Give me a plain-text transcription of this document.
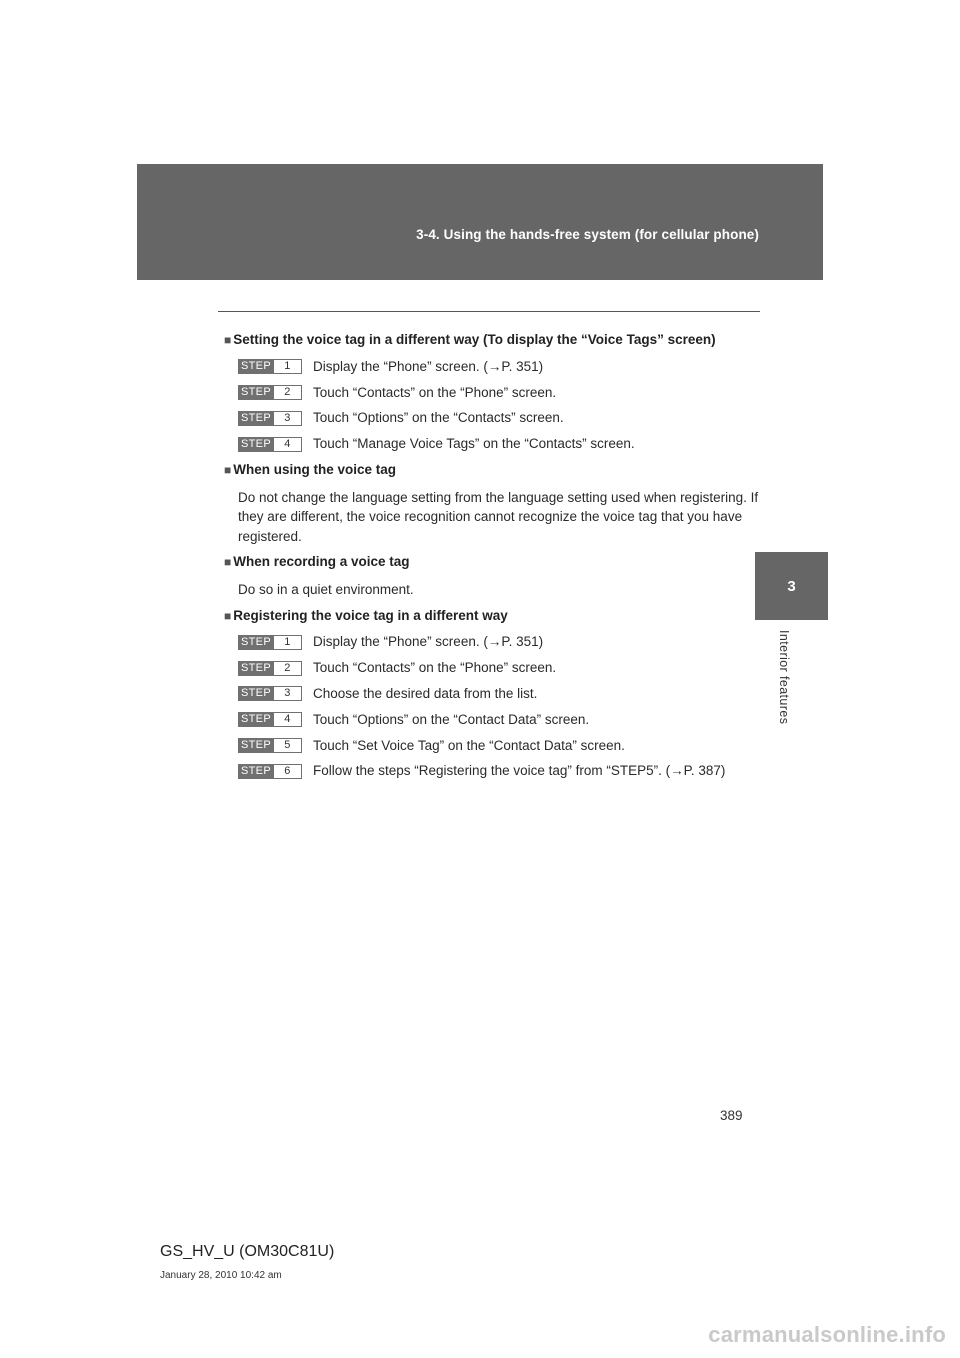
3-4. Using the hands-free system (for cellular phone)
3
Interior features
■ Setting the voice tag in a different way (To display the “Voice Tags” screen)
STEP	1	Display the “Phone” screen. (→P. 351)
STEP	2	Touch “Contacts” on the “Phone” screen.
STEP	3	Touch “Options” on the “Contacts” screen.
STEP	4	Touch “Manage Voice Tags” on the “Contacts” screen.
■ When using the voice tag
Do not change the language setting from the language setting used when registering. If they are different, the voice recognition cannot recognize the voice tag that you have registered.
■ When recording a voice tag
Do so in a quiet environment.
■ Registering the voice tag in a different way
STEP	1	Display the “Phone” screen. (→P. 351)
STEP	2	Touch “Contacts” on the “Phone” screen.
STEP	3	Choose the desired data from the list.
STEP	4	Touch “Options” on the “Contact Data” screen.
STEP	5	Touch “Set Voice Tag” on the “Contact Data” screen.
STEP	6	Follow the steps “Registering the voice tag” from “STEP5”. (→P. 387)
389
GS_HV_U (OM30C81U)
January 28, 2010 10:42 am
carmanualsonline.info
